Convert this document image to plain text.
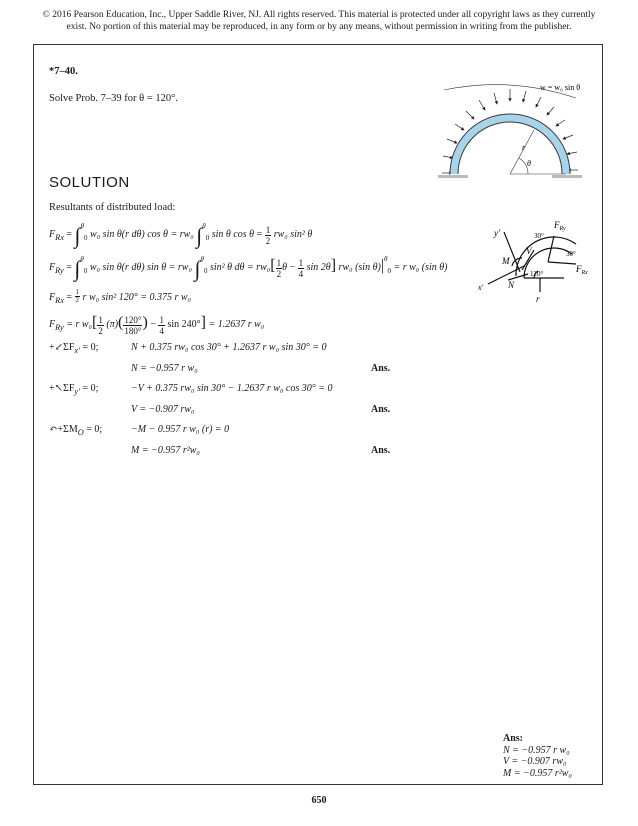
© 2016 Pearson Education, Inc., Upper Saddle River, NJ. All rights reserved. This material is protected under all copyright laws as they currently
exist. No portion of this material may be reproduced, in any form or by any means, without permission in writing from the publisher.
*7–40.
Solve Prob. 7–39 for θ = 120°.
w = w₀ sin θ
r
θ
SOLUTION
Resultants of distributed load:
$F_{Rx} = \int^\theta_0$ w₀ sin θ(r dθ) cos θ = rw₀ ∫$^\theta_0$ sin θ $\cos \theta = \frac{1}{2} rw_0$ sin² θ
$F_{Ry} = \int^\theta_0$ w₀ sin θ(r dθ) sin θ = rw₀ ∫$^\theta_0$ sin² θ $d\theta = rw_0[ \frac{1}{2}$ $\theta - \frac{1}{4}$ sin 2θ] rw₀ (sin $\theta)|^\theta_0 = r$ w₀ (sin θ)
$F_{Rx} = \frac{1}{2}$ r w₀ sin² 120° = 0.375 r w₀
$F_{Ry} = r$ $w_0[ \frac{1}{2} (\pi)( \frac{120^\circ}{180^\circ}$ ) − $\frac{1}{4}$ sin 240°] = 1.2637 r w₀
$+↙\Sigma F_{x'} = 0$;	N + 0.375 rw₀ cos 30° + 1.2637 r w₀ sin 30° = 0
N = −0.957 r w₀	Ans.
$+↖\Sigma F_{y'} = 0$;	−V + 0.375 rw₀ sin 30° − 1.2637 r w₀ cos 30° = 0
V = −0.907 rw₀	Ans.
$↶+\Sigma M_O = 0$;	−M − 0.957 r w₀ (r) = 0
M = −0.957 r²w₀	Ans.
y′	30°
$F_{Ry}$
30°
$F_{Rx}$
M
V
N
x′
120°
r
Ans:
N = −0.957 r w₀
V = −0.907 rw₀
M = −0.957 r²w₀
650
